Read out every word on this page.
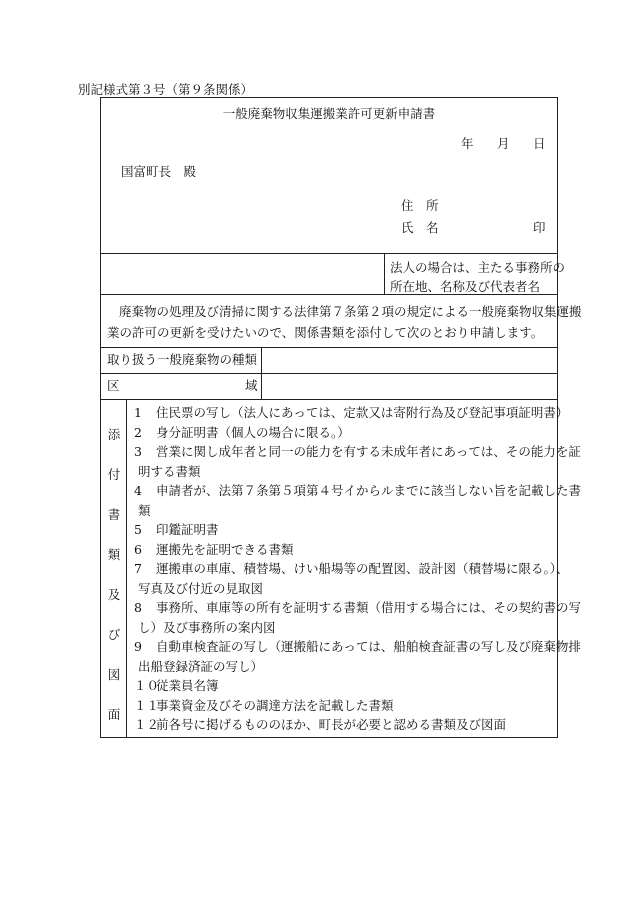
別記様式第３号（第９条関係）
一般廃棄物収集運搬業許可更新申請書
年 月 日
国富町長　殿
住　所
氏　名	印
法人の場合は、主たる事務所の
所在地、名称及び代表者名
廃棄物の処理及び清掃に関する法律第７条第２項の規定による一般廃棄物収集運搬
業の許可の更新を受けたいので、関係書類を添付して次のとおり申請します。
取り扱う一般廃棄物の種類
区	域
添
付
書
類
及
び
図
面
1 住民票の写し（法人にあっては、定款又は寄附行為及び登記事項証明書）
2 身分証明書（個人の場合に限る。）
3 営業に関し成年者と同一の能力を有する未成年者にあっては、その能力を証
明する書類
4 申請者が、法第７条第５項第４号イからルまでに該当しない旨を記載した書
類
5 印鑑証明書
6 運搬先を証明できる書類
7 運搬車の車庫、積替場、けい船場等の配置図、設計図（積替場に限る。）、
写真及び付近の見取図
8 事務所、車庫等の所有を証明する書類（借用する場合には、その契約書の写
し）及び事務所の案内図
9 自動車検査証の写し（運搬船にあっては、船舶検査証書の写し及び廃棄物排
出船登録済証の写し）
１０
従業員名簿
１１
事業資金及びその調達方法を記載した書類
１２
前各号に掲げるもののほか、町長が必要と認める書類及び図面
